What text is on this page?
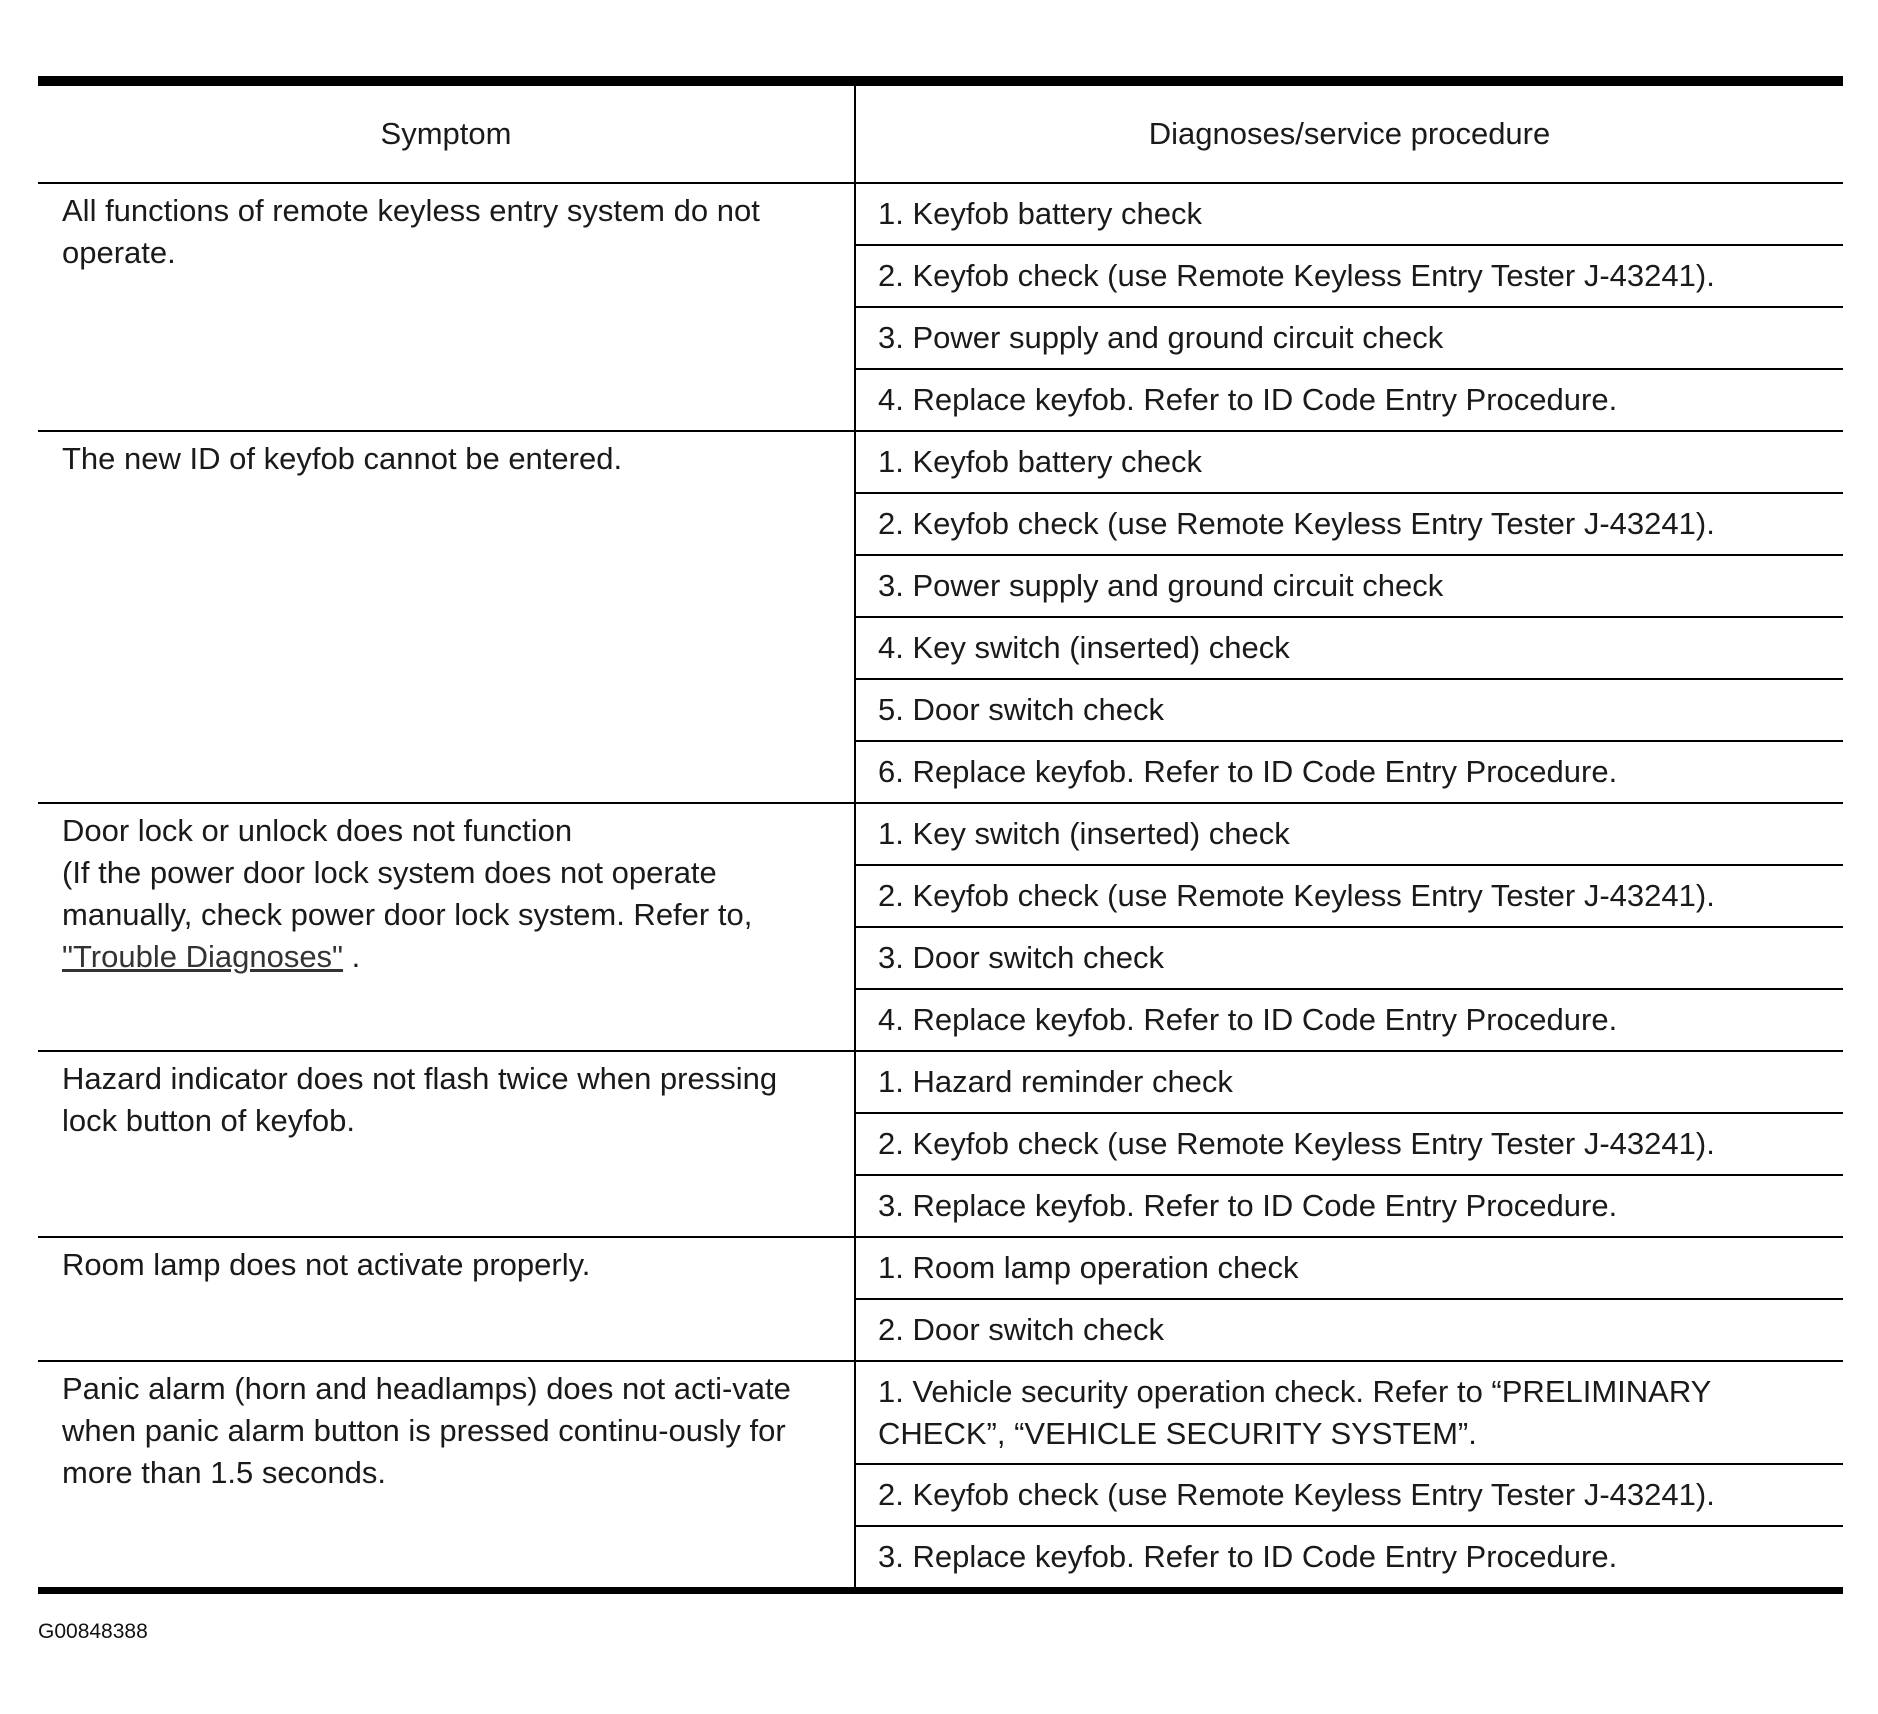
Symptom	Diagnoses/service procedure
All functions of remote keyless entry system do not operate.	1. Keyfob battery check
	2. Keyfob check (use Remote Keyless Entry Tester J-43241).
	3. Power supply and ground circuit check
	4. Replace keyfob. Refer to ID Code Entry Procedure.
The new ID of keyfob cannot be entered.	1. Keyfob battery check
	2. Keyfob check (use Remote Keyless Entry Tester J-43241).
	3. Power supply and ground circuit check
	4. Key switch (inserted) check
	5. Door switch check
	6. Replace keyfob. Refer to ID Code Entry Procedure.

Door lock or unlock does not function
(If the power door lock system does not operate manually, check power door lock system. Refer to,
"Trouble Diagnoses" .	1. Key switch (inserted) check
	2. Keyfob check (use Remote Keyless Entry Tester J-43241).
	3. Door switch check
	4. Replace keyfob. Refer to ID Code Entry Procedure.
Hazard indicator does not flash twice when pressing lock button of keyfob.	1. Hazard reminder check
	2. Keyfob check (use Remote Keyless Entry Tester J-43241).
	3. Replace keyfob. Refer to ID Code Entry Procedure.
Room lamp does not activate properly.	1. Room lamp operation check
	2. Door switch check
Panic alarm (horn and headlamps) does not acti-vate when panic alarm button is pressed continu-ously for more than 1.5 seconds.	1. Vehicle security operation check. Refer to “PRELIMINARY CHECK”, “VEHICLE SECURITY SYSTEM”.
	2. Keyfob check (use Remote Keyless Entry Tester J-43241).
	3. Replace keyfob. Refer to ID Code Entry Procedure.
G00848388
